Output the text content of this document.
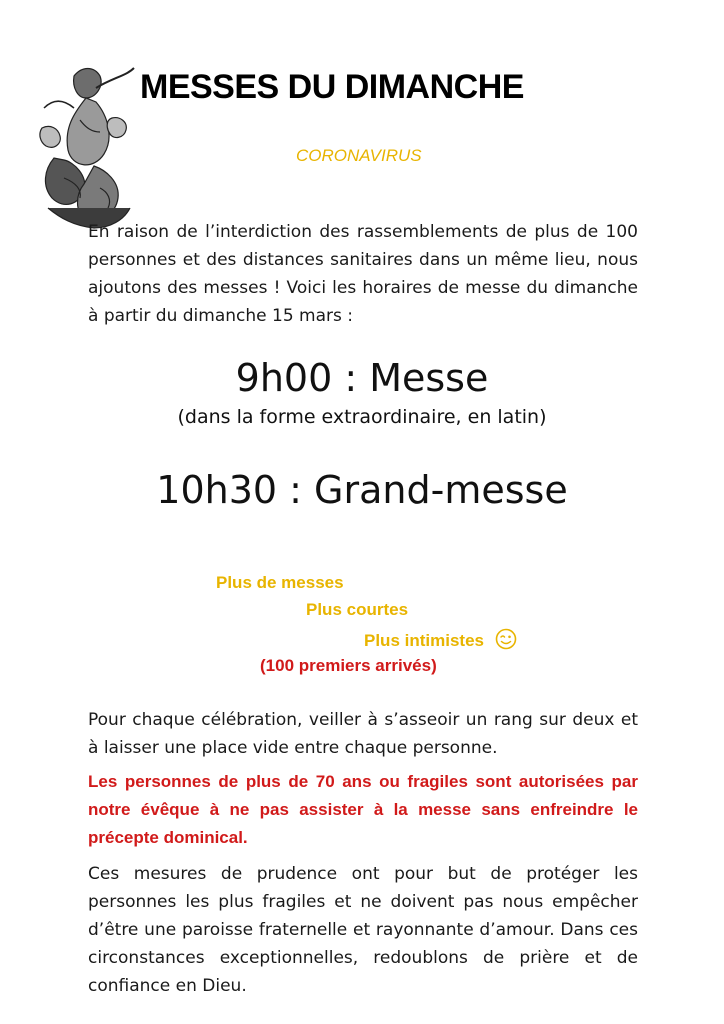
MESSES DU DIMANCHE
CORONAVIRUS
En raison de l’interdiction des rassemblements de plus de 100 personnes et des distances sanitaires dans un même lieu, nous ajoutons des messes ! Voici les horaires de messe du dimanche à partir du dimanche 15 mars :
9h00 : Messe
(dans la forme extraordinaire, en latin)
10h30 : Grand-messe
Plus de messes
Plus courtes
Plus intimistes
(100 premiers arrivés)
Pour chaque célébration, veiller à s’asseoir un rang sur deux et à laisser une place vide entre chaque personne.
Les personnes de plus de 70 ans ou fragiles sont autorisées par notre évêque à ne pas assister à la messe sans enfreindre le précepte dominical.
Ces mesures de prudence ont pour but de protéger les personnes les plus fragiles et ne doivent pas nous empêcher d’être une paroisse fraternelle et rayonnante d’amour. Dans ces circonstances exceptionnelles, redoublons de prière et de confiance en Dieu.
